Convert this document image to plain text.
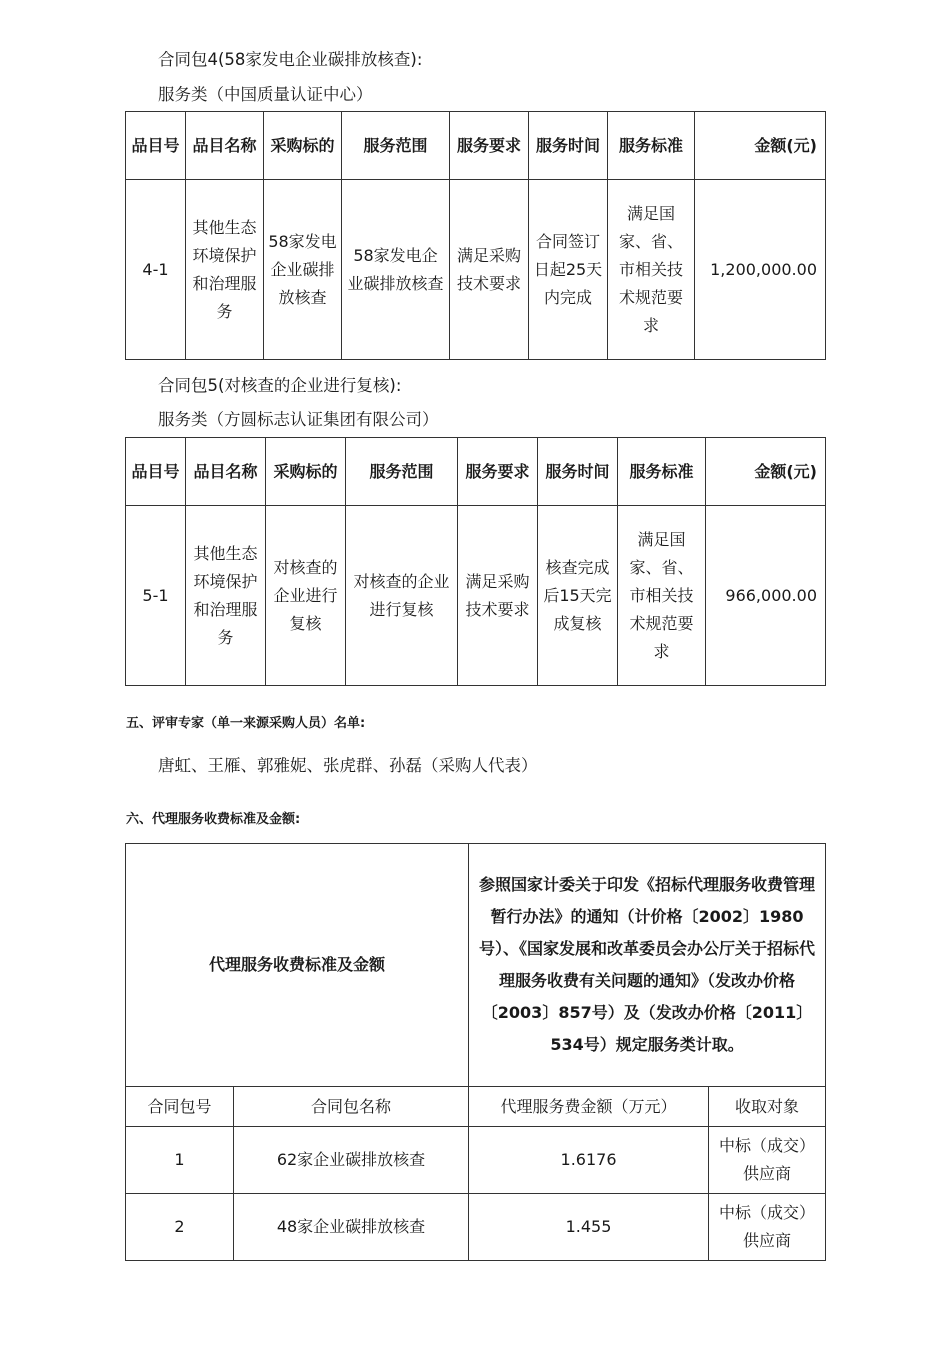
合同包4(58家发电企业碳排放核查):
服务类（中国质量认证中心）
品目号	品目名称	采购标的	服务范围	服务要求	服务时间	服务标准	金额(元)
4-1	其他生态环境保护和治理服务	58家发电企业碳排放核查	58家发电企业碳排放核查	满足采购技术要求	合同签订日起25天内完成	满足国家、省、市相关技术规范要求	1,200,000.00
合同包5(对核查的企业进行复核):
服务类（方圆标志认证集团有限公司）
品目号	品目名称	采购标的	服务范围	服务要求	服务时间	服务标准	金额(元)
5-1	其他生态环境保护和治理服务	对核查的企业进行复核	对核查的企业进行复核	满足采购技术要求	核查完成后15天完成复核	满足国家、省、市相关技术规范要求	966,000.00
五、评审专家（单一来源采购人员）名单:
唐虹、王雁、郭雅妮、张虎群、孙磊（采购人代表）
六、代理服务收费标准及金额:
代理服务收费标准及金额		参照国家计委关于印发《招标代理服务收费管理暂行办法》的通知（计价格〔2002〕1980号）、《国家发展和改革委员会办公厅关于招标代理服务收费有关问题的通知》（发改办价格〔2003〕857号）及（发改办价格〔2011〕534号）规定服务类计取。	
合同包号	合同包名称	代理服务费金额（万元）	收取对象
1	62家企业碳排放核查	1.6176	中标（成交）供应商
2	48家企业碳排放核查	1.455	中标（成交）供应商
